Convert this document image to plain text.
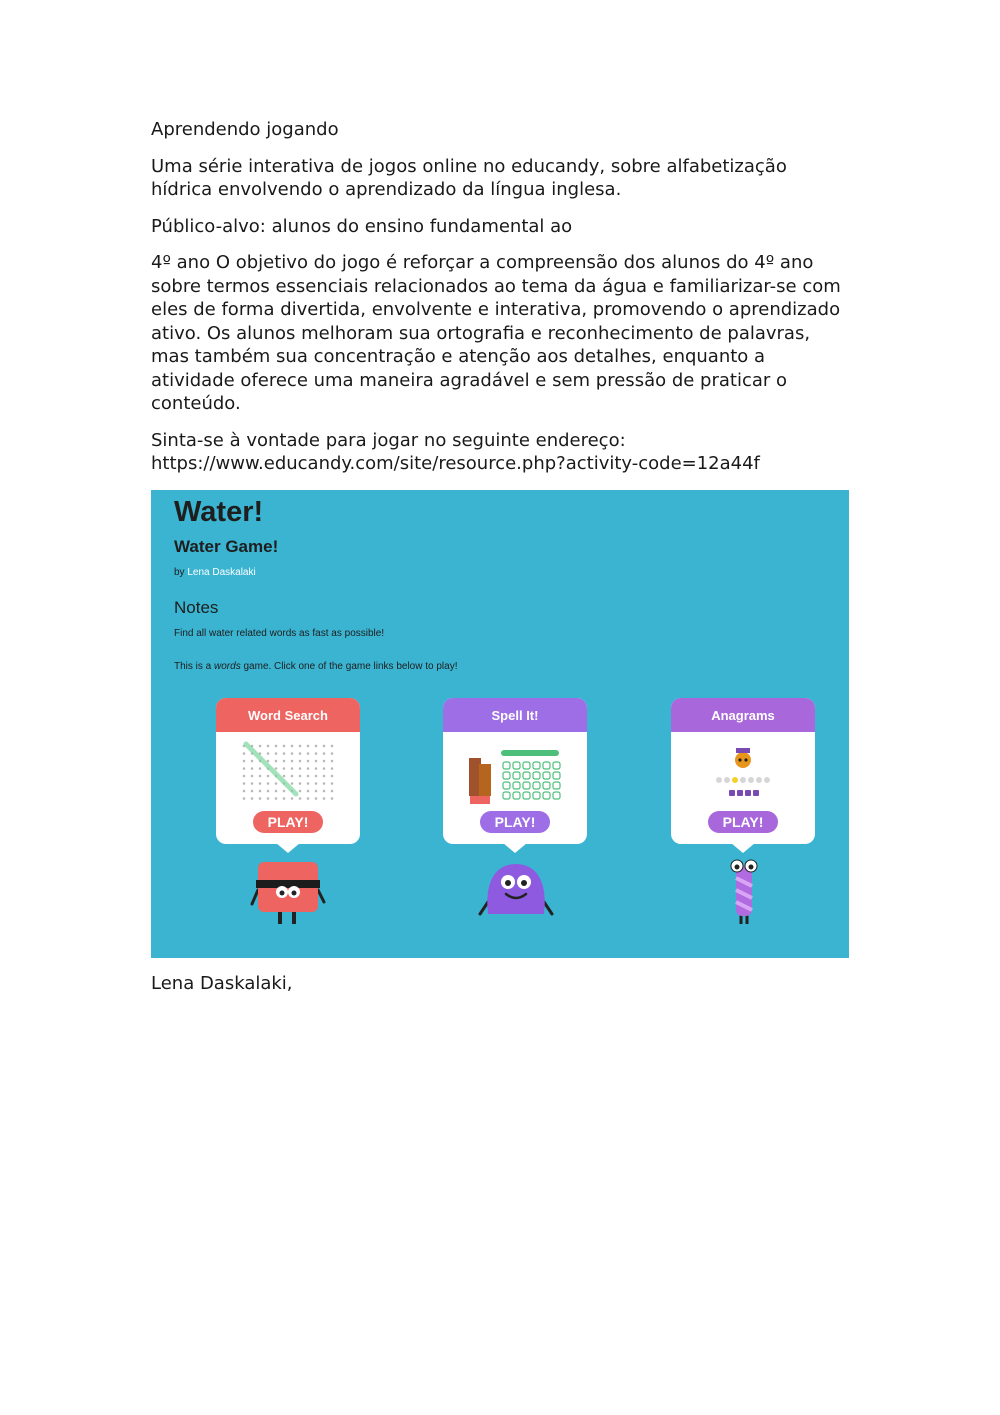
Aprendendo jogando

Uma série interativa de jogos online no educandy, sobre alfabetização hídrica envolvendo o aprendizado da língua inglesa.

Público-alvo: alunos do ensino fundamental ao

4º ano O objetivo do jogo é reforçar a compreensão dos alunos do 4º ano sobre termos essenciais relacionados ao tema da água e familiarizar-se com eles de forma divertida, envolvente e interativa, promovendo o aprendizado ativo. Os alunos melhoram sua ortografia e reconhecimento de palavras, mas também sua concentração e atenção aos detalhes, enquanto a atividade oferece uma maneira agradável e sem pressão de praticar o conteúdo.

Sinta-se à vontade para jogar no seguinte endereço:
https://www.educandy.com/site/resource.php?activity-code=12a44f

Water!
Water Game!
by Lena Daskalaki
Notes
Find all water related words as fast as possible!
This is a words game. Click one of the game links below to play!
Word Search
PLAY!
Spell It!
PLAY!
Anagrams
PLAY!
Lena Daskalaki,
